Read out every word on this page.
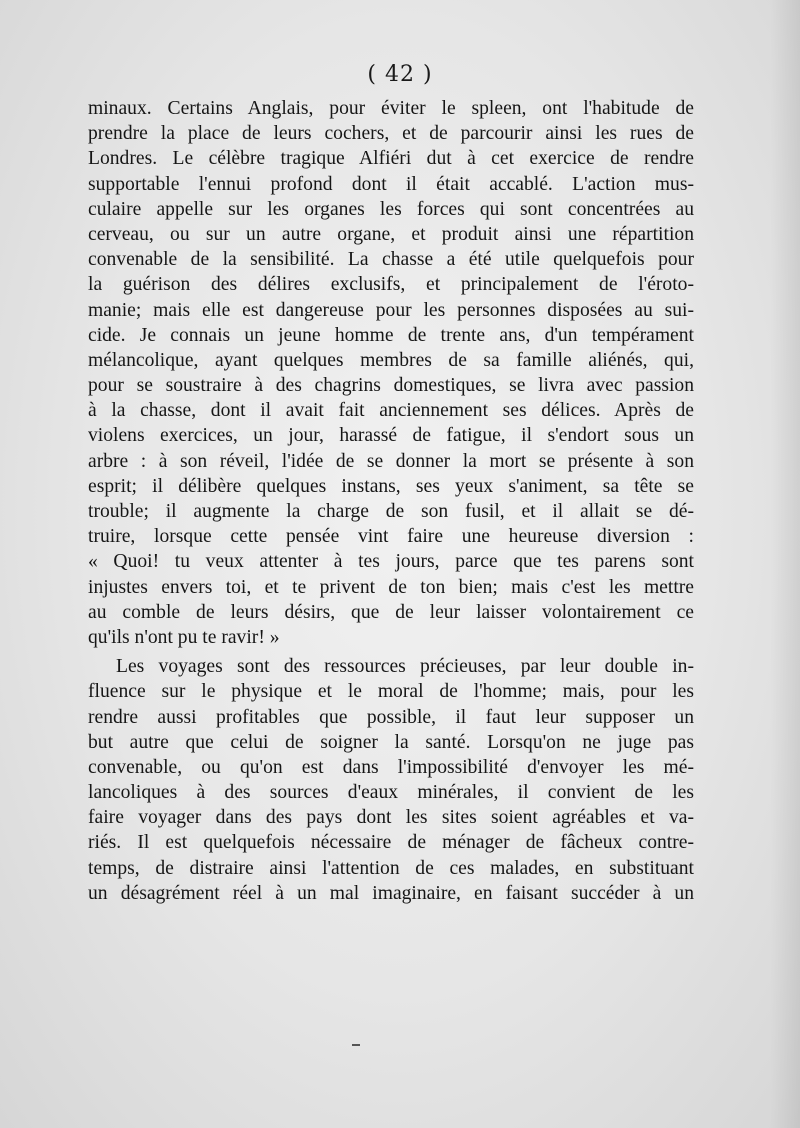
( 42 )
minaux. Certains Anglais, pour éviter le spleen, ont l'habitude de
prendre la place de leurs cochers, et de parcourir ainsi les rues de
Londres. Le célèbre tragique Alfiéri dut à cet exercice de rendre
supportable l'ennui profond dont il était accablé. L'action mus-
culaire appelle sur les organes les forces qui sont concentrées au
cerveau, ou sur un autre organe, et produit ainsi une répartition
convenable de la sensibilité. La chasse a été utile quelquefois pour
la guérison des délires exclusifs, et principalement de l'éroto-
manie; mais elle est dangereuse pour les personnes disposées au sui-
cide. Je connais un jeune homme de trente ans, d'un tempérament
mélancolique, ayant quelques membres de sa famille aliénés, qui,
pour se soustraire à des chagrins domestiques, se livra avec passion
à la chasse, dont il avait fait anciennement ses délices. Après de
violens exercices, un jour, harassé de fatigue, il s'endort sous un
arbre : à son réveil, l'idée de se donner la mort se présente à son
esprit; il délibère quelques instans, ses yeux s'animent, sa tête se
trouble; il augmente la charge de son fusil, et il allait se dé-
truire, lorsque cette pensée vint faire une heureuse diversion :
« Quoi! tu veux attenter à tes jours, parce que tes parens sont
injustes envers toi, et te privent de ton bien; mais c'est les mettre
au comble de leurs désirs, que de leur laisser volontairement ce
qu'ils n'ont pu te ravir! »
Les voyages sont des ressources précieuses, par leur double in-
fluence sur le physique et le moral de l'homme; mais, pour les
rendre aussi profitables que possible, il faut leur supposer un
but autre que celui de soigner la santé. Lorsqu'on ne juge pas
convenable, ou qu'on est dans l'impossibilité d'envoyer les mé-
lancoliques à des sources d'eaux minérales, il convient de les
faire voyager dans des pays dont les sites soient agréables et va-
riés. Il est quelquefois nécessaire de ménager de fâcheux contre-
temps, de distraire ainsi l'attention de ces malades, en substituant
un désagrément réel à un mal imaginaire, en faisant succéder à un
